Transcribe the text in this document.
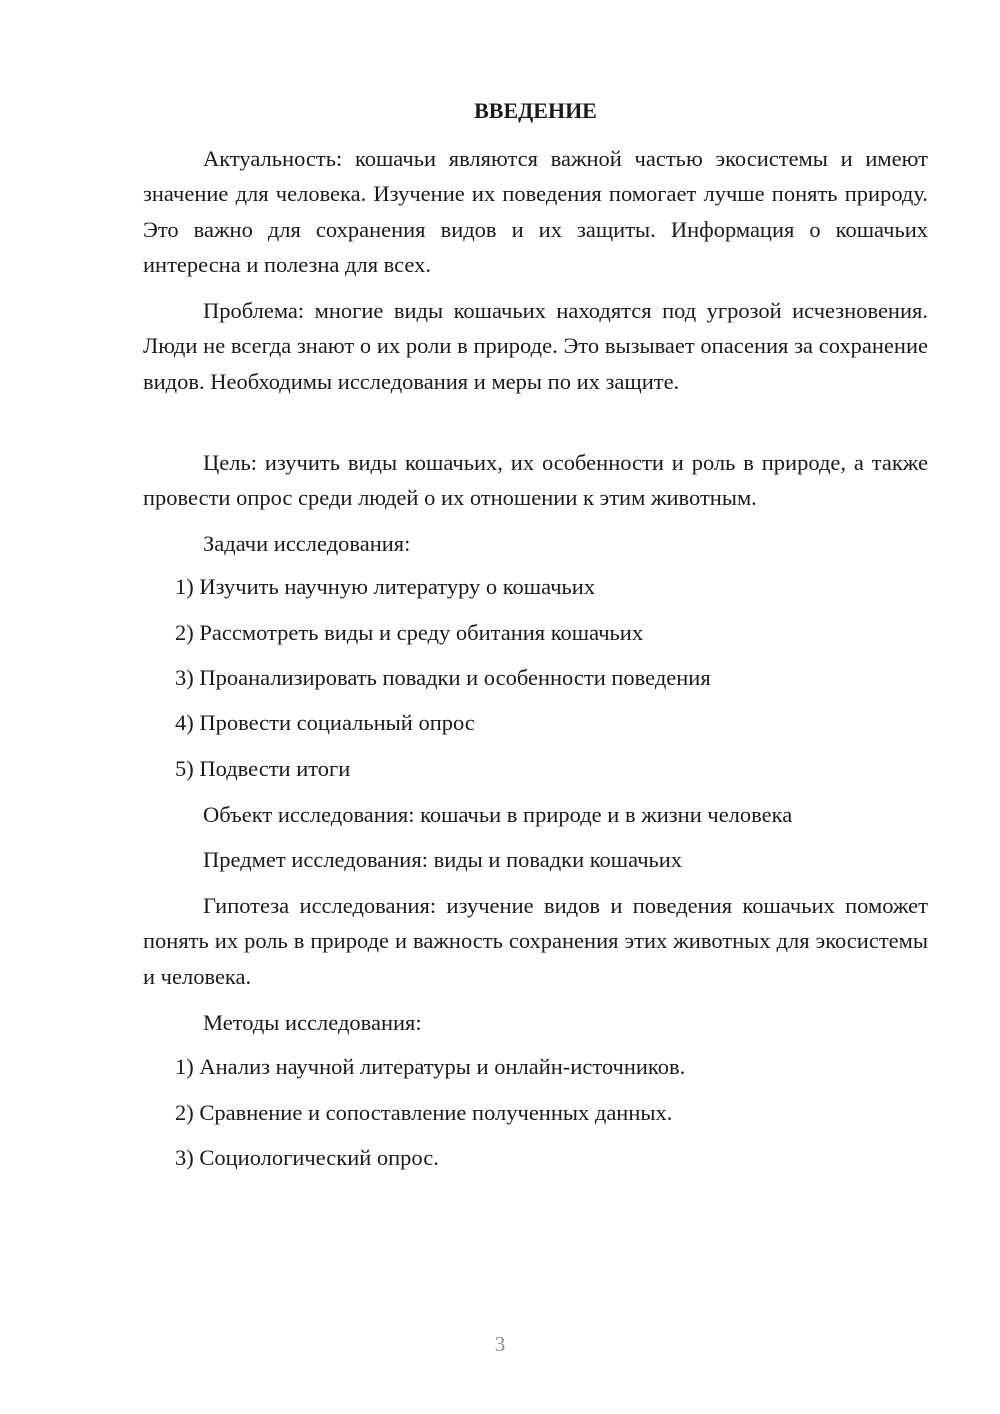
ВВЕДЕНИЕ

Актуальность: кошачьи являются важной частью экосистемы и имеют значение для человека. Изучение их поведения помогает лучше понять природу. Это важно для сохранения видов и их защиты. Информация о кошачьих интересна и полезна для всех.

Проблема: многие виды кошачьих находятся под угрозой исчезновения. Люди не всегда знают о их роли в природе. Это вызывает опасения за сохранение видов. Необходимы исследования и меры по их защите.

Цель: изучить виды кошачьих, их особенности и роль в природе, а также провести опрос среди людей о их отношении к этим животным.

Задачи исследования:

1) Изучить научную литературу о кошачьих

2) Рассмотреть виды и среду обитания кошачьих

3) Проанализировать повадки и особенности поведения

4) Провести социальный опрос

5) Подвести итоги

Объект исследования: кошачьи в природе и в жизни человека

Предмет исследования: виды и повадки кошачьих

Гипотеза исследования: изучение видов и поведения кошачьих поможет понять их роль в природе и важность сохранения этих животных для экосистемы и человека.

Методы исследования:

1) Анализ научной литературы и онлайн-источников.

2) Сравнение и сопоставление полученных данных.

3) Социологический опрос.

3
